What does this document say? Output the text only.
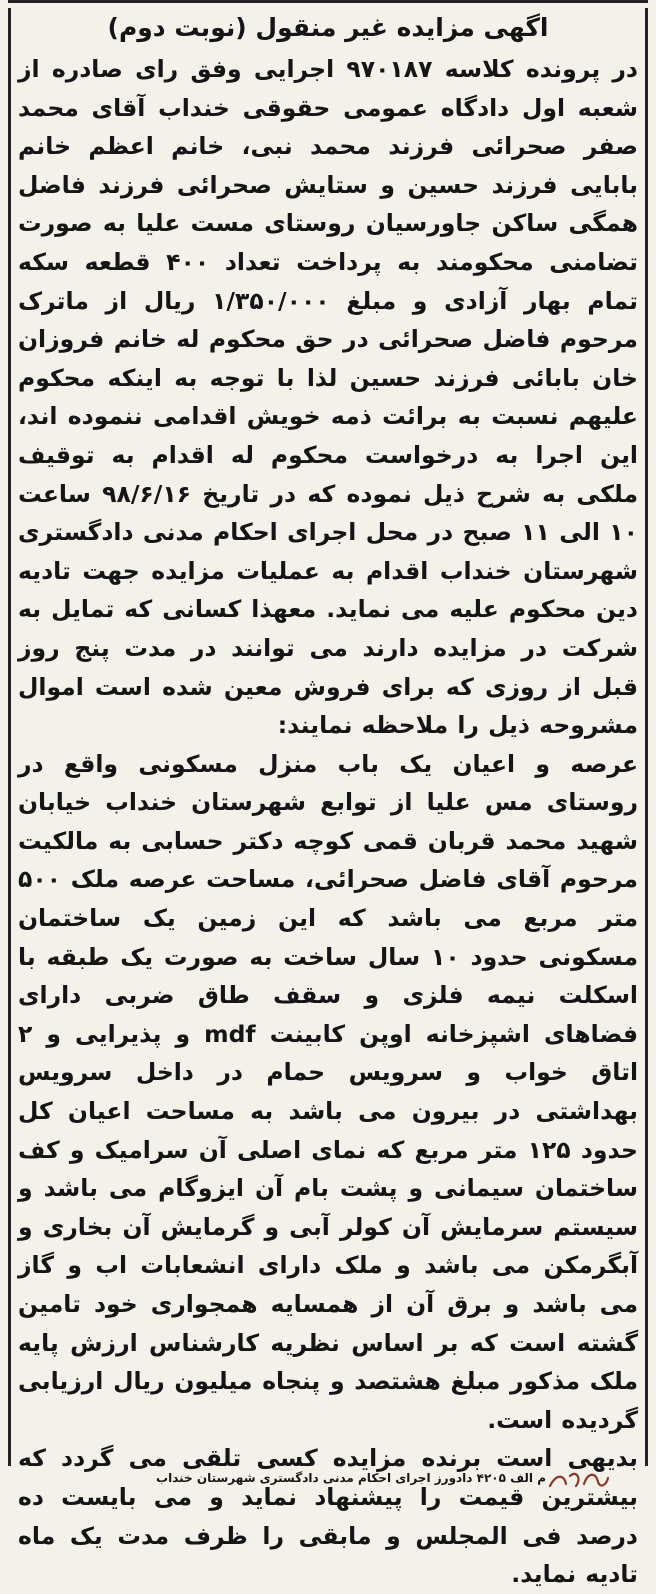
اگهی مزایده غیر منقول (نوبت دوم)

در پرونده کلاسه ۹۷۰۱۸۷ اجرایی وفق رای صادره از شعبه اول دادگاه عمومی حقوقی خنداب آقای محمد صفر صحرائی فرزند محمد نبی، خانم اعظم خانم بابایی فرزند حسین و ستایش صحرائی فرزند فاضل همگی ساکن جاورسیان روستای مست علیا به صورت تضامنی محکومند به پرداخت تعداد ۴۰۰ قطعه سکه تمام بهار آزادی و مبلغ ۱/۳۵۰/۰۰۰ ریال از ماترک مرحوم فاضل صحرائی در حق محکوم له خانم فروزان خان بابائی فرزند حسین لذا با توجه به اینکه محکوم علیهم نسبت به برائت ذمه خویش اقدامی ننموده اند، این اجرا به درخواست محکوم له اقدام به توقیف ملکی به شرح ذیل نموده که در تاریخ ۹۸/۶/۱۶ ساعت ۱۰ الی ۱۱ صبح در محل اجرای احکام مدنی دادگستری شهرستان خنداب اقدام به عملیات مزایده جهت تادیه دین محکوم علیه می نماید. معهذا کسانی که تمایل به شرکت در مزایده دارند می توانند در مدت پنج روز قبل از روزی که برای فروش معین شده است اموال مشروحه ذیل را ملاحظه نمایند:

عرصه و اعیان یک باب منزل مسکونی واقع در روستای مس علیا از توابع شهرستان خنداب خیابان شهید محمد قربان قمی کوچه دکتر حسابی به مالکیت مرحوم آقای فاضل صحرائی، مساحت عرصه ملک ۵۰۰ متر مربع می باشد که این زمین یک ساختمان مسکونی حدود ۱۰ سال ساخت به صورت یک طبقه با اسکلت نیمه فلزی و سقف طاق ضربی دارای فضاهای اشپزخانه اوپن کابینت mdf و پذیرایی و ۲ اتاق خواب و سرویس حمام در داخل سرویس بهداشتی در بیرون می باشد به مساحت اعیان کل حدود ۱۲۵ متر مربع که نمای اصلی آن سرامیک و کف ساختمان سیمانی و پشت بام آن ایزوگام می باشد و سیستم سرمایش آن کولر آبی و گرمایش آن بخاری و آبگرمکن می باشد و ملک دارای انشعابات اب و گاز می باشد و برق آن از همسایه همجواری خود تامین گشته است که بر اساس نظریه کارشناس ارزش پایه ملک مذکور مبلغ هشتصد و پنجاه میلیون ریال ارزیابی گردیده است.

بدیهی است برنده مزایده کسی تلقی می گردد که بیشترین قیمت را پیشنهاد نماید و می بایست ده درصد فی المجلس و مابقی را ظرف مدت یک ماه تادیه نماید.

م الف ۴۲۰۵ دادورز اجرای احکام مدنی دادگستری شهرستان خنداب
